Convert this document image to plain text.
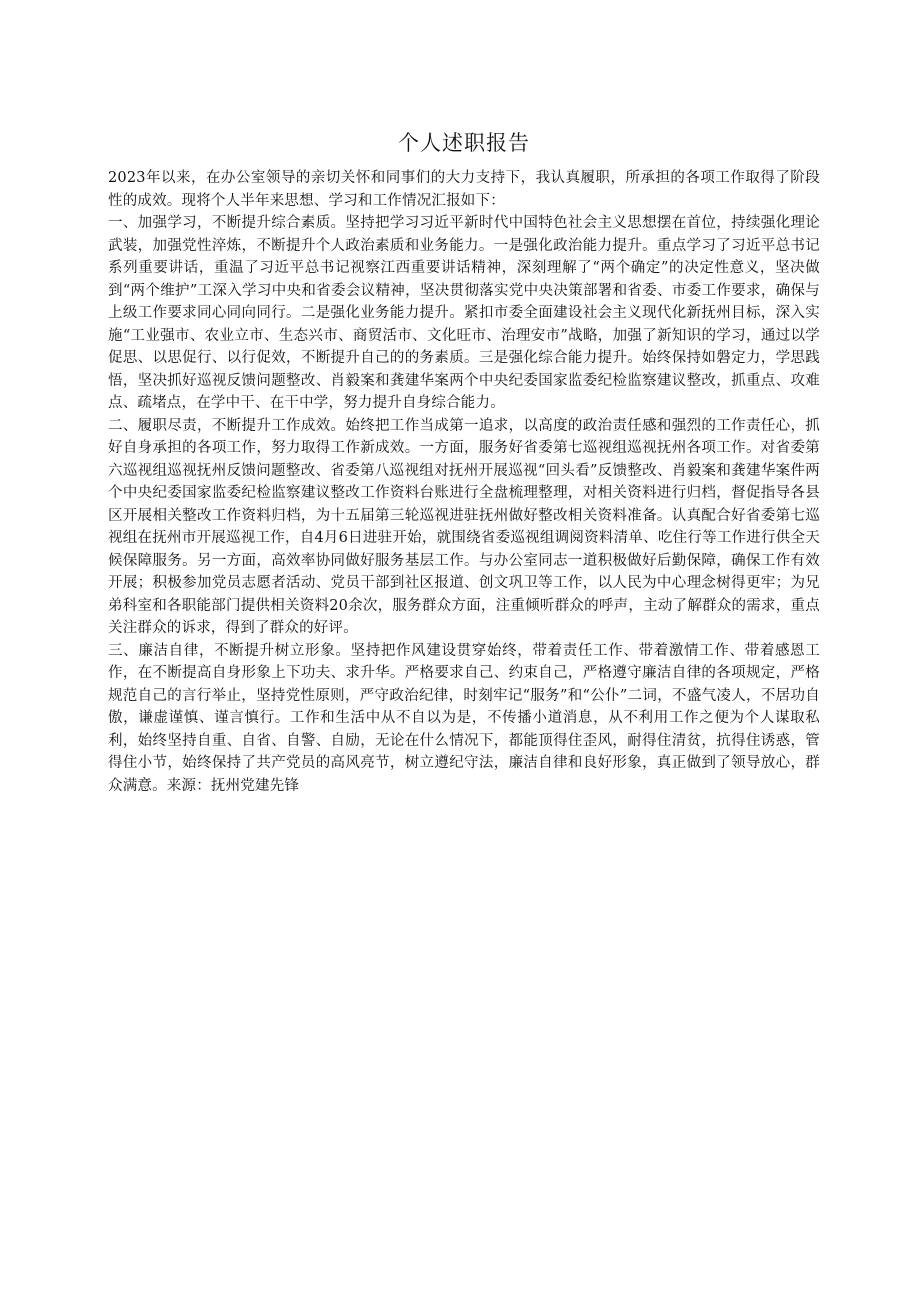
个人述职报告

2023年以来，在办公室领导的亲切关怀和同事们的大力支持下，我认真履职，所承担的各项工作取得了阶段性的成效。现将个人半年来思想、学习和工作情况汇报如下：

一、加强学习，不断提升综合素质。坚持把学习习近平新时代中国特色社会主义思想摆在首位，持续强化理论武装，加强党性淬炼，不断提升个人政治素质和业务能力。一是强化政治能力提升。重点学习了习近平总书记系列重要讲话，重温了习近平总书记视察江西重要讲话精神，深刻理解了“两个确定”的决定性意义，坚决做到“两个维护”工深入学习中央和省委会议精神，坚决贯彻落实党中央决策部署和省委、市委工作要求，确保与上级工作要求同心同向同行。二是强化业务能力提升。紧扣市委全面建设社会主义现代化新抚州目标，深入实施“工业强市、农业立市、生态兴市、商贸活市、文化旺市、治理安市”战略，加强了新知识的学习，通过以学促思、以思促行、以行促效，不断提升自己的的务素质。三是强化综合能力提升。始终保持如磐定力，学思践悟，坚决抓好巡视反馈问题整改、肖毅案和龚建华案两个中央纪委国家监委纪检监察建议整改，抓重点、攻难点、疏堵点，在学中干、在干中学，努力提升自身综合能力。

二、履职尽责，不断提升工作成效。始终把工作当成第一追求，以高度的政治责任感和强烈的工作责任心，抓好自身承担的各项工作，努力取得工作新成效。一方面，服务好省委第七巡视组巡视抚州各项工作。对省委第六巡视组巡视抚州反馈问题整改、省委第八巡视组对抚州开展巡视“回头看”反馈整改、肖毅案和龚建华案件两个中央纪委国家监委纪检监察建议整改工作资料台账进行全盘梳理整理，对相关资料进行归档，督促指导各县区开展相关整改工作资料归档，为十五届第三轮巡视进驻抚州做好整改相关资料准备。认真配合好省委第七巡视组在抚州市开展巡视工作，自4月6日进驻开始，就围绕省委巡视组调阅资料清单、吃住行等工作进行供全天候保障服务。另一方面，高效率协同做好服务基层工作。与办公室同志一道积极做好后勤保障，确保工作有效开展；积极参加党员志愿者活动、党员干部到社区报道、创文巩卫等工作，以人民为中心理念树得更牢；为兄弟科室和各职能部门提供相关资料20余次，服务群众方面，注重倾听群众的呼声，主动了解群众的需求，重点关注群众的诉求，得到了群众的好评。

三、廉洁自律，不断提升树立形象。坚持把作风建设贯穿始终，带着责任工作、带着激情工作、带着感恩工作，在不断提高自身形象上下功夫、求升华。严格要求自己、约束自己，严格遵守廉洁自律的各项规定，严格规范自己的言行举止，坚持党性原则，严守政治纪律，时刻牢记“服务”和“公仆”二词，不盛气凌人，不居功自傲，谦虚谨慎、谨言慎行。工作和生活中从不自以为是，不传播小道消息，从不利用工作之便为个人谋取私利，始终坚持自重、自省、自警、自励，无论在什么情况下，都能顶得住歪风，耐得住清贫，抗得住诱惑，管得住小节，始终保持了共产党员的高风亮节，树立遵纪守法，廉洁自律和良好形象，真正做到了领导放心，群众满意。来源：抚州党建先锋
